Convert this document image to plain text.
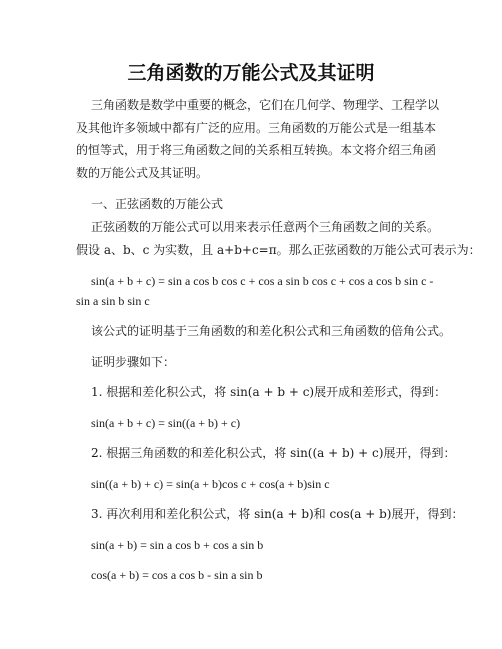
三角函数的万能公式及其证明
三角函数是数学中重要的概念，它们在几何学、物理学、工程学以
及其他许多领域中都有广泛的应用。三角函数的万能公式是一组基本
的恒等式，用于将三角函数之间的关系相互转换。本文将介绍三角函
数的万能公式及其证明。
一、正弦函数的万能公式
正弦函数的万能公式可以用来表示任意两个三角函数之间的关系。
假设 a、b、c 为实数，且 a+b+c=π。那么正弦函数的万能公式可表示为：
sin(a + b + c) = sin a cos b cos c + cos a sin b cos c + cos a cos b sin c -
sin a sin b sin c
该公式的证明基于三角函数的和差化积公式和三角函数的倍角公式。
证明步骤如下：
1. 根据和差化积公式，将 sin(a + b + c)展开成和差形式，得到：
sin(a + b + c) = sin((a + b) + c)
2. 根据三角函数的和差化积公式，将 sin((a + b) + c)展开，得到：
sin((a + b) + c) = sin(a + b)cos c + cos(a + b)sin c
3. 再次利用和差化积公式，将 sin(a + b)和 cos(a + b)展开，得到：
sin(a + b) = sin a cos b + cos a sin b
cos(a + b) = cos a cos b - sin a sin b
